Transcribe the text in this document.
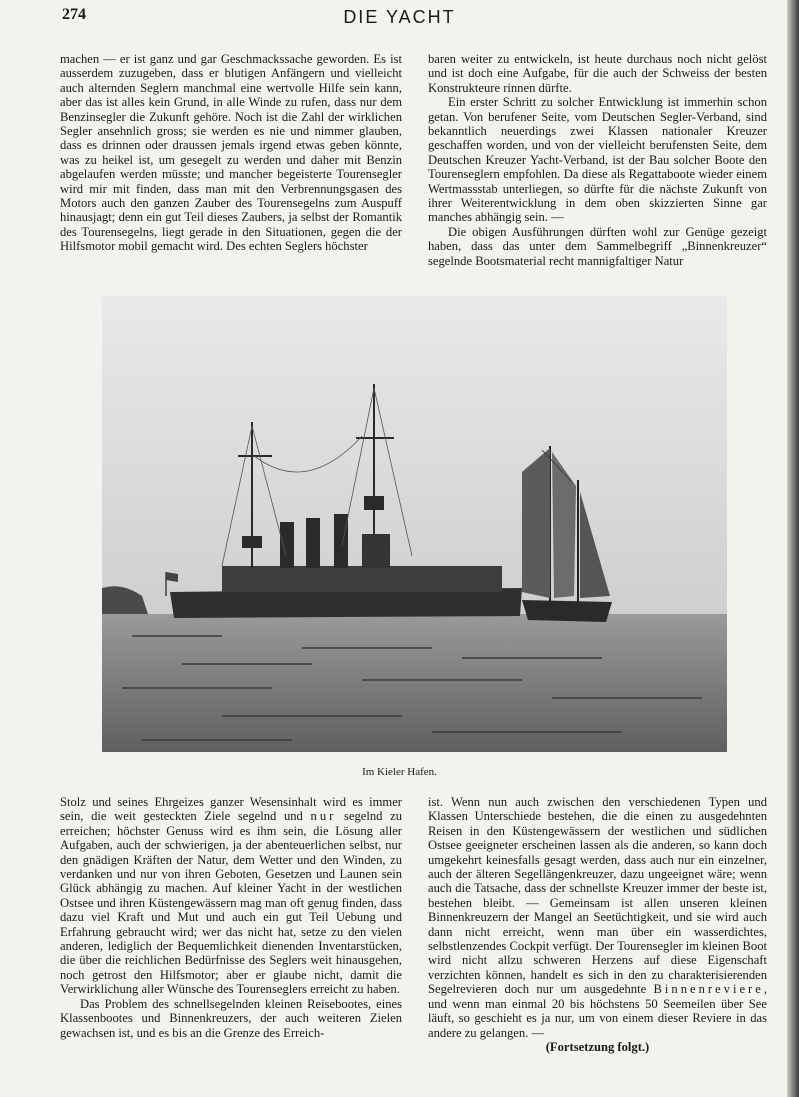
274	DIE YACHT

machen — er ist ganz und gar Geschmackssache geworden. Es ist ausserdem zuzugeben, dass er blutigen Anfängern und vielleicht auch alternden Seglern manchmal eine wertvolle Hilfe sein kann, aber das ist alles kein Grund, in alle Winde zu rufen, dass nur dem Benzinsegler die Zukunft gehöre. Noch ist die Zahl der wirklichen Segler ansehnlich gross; sie werden es nie und nimmer glauben, dass es drinnen oder draussen jemals irgend etwas geben könnte, was zu heikel ist, um gesegelt zu werden und daher mit Benzin abgelaufen werden müsste; und mancher begeisterte Tourensegler wird mir mit finden, dass man mit den Verbrennungsgasen des Motors auch den ganzen Zauber des Tourensegelns zum Auspuff hinausjagt; denn ein gut Teil dieses Zaubers, ja selbst der Romantik des Tourensegelns, liegt gerade in den Situationen, gegen die der Hilfsmotor mobil gemacht wird. Des echten Seglers höchster

baren weiter zu entwickeln, ist heute durchaus noch nicht gelöst und ist doch eine Aufgabe, für die auch der Schweiss der besten Konstrukteure rinnen dürfte.

Ein erster Schritt zu solcher Entwicklung ist immerhin schon getan. Von berufener Seite, vom Deutschen Segler-Verband, sind bekanntlich neuerdings zwei Klassen nationaler Kreuzer geschaffen worden, und von der vielleicht berufensten Seite, dem Deutschen Kreuzer Yacht-Verband, ist der Bau solcher Boote den Tourenseglern empfohlen. Da diese als Regattaboote wieder einem Wertmassstab unterliegen, so dürfte für die nächste Zukunft von ihrer Weiterentwicklung in dem oben skizzierten Sinne gar manches abhängig sein. —

Die obigen Ausführungen dürften wohl zur Genüge gezeigt haben, dass das unter dem Sammelbegriff „Binnenkreuzer“ segelnde Bootsmaterial recht mannigfaltiger Natur

Im Kieler Hafen.

Stolz und seines Ehrgeizes ganzer Wesensinhalt wird es immer sein, die weit gesteckten Ziele segelnd und nur segelnd zu erreichen; höchster Genuss wird es ihm sein, die Lösung aller Aufgaben, auch der schwierigen, ja der abenteuerlichen selbst, nur den gnädigen Kräften der Natur, dem Wetter und den Winden, zu verdanken und nur von ihren Geboten, Gesetzen und Launen sein Glück abhängig zu machen. Auf kleiner Yacht in der westlichen Ostsee und ihren Küstengewässern mag man oft genug finden, dass dazu viel Kraft und Mut und auch ein gut Teil Uebung und Erfahrung gebraucht wird; wer das nicht hat, setze zu den vielen anderen, lediglich der Bequemlichkeit dienenden Inventarstücken, die über die reichlichen Bedürfnisse des Seglers weit hinausgehen, noch getrost den Hilfsmotor; aber er glaube nicht, damit die Verwirklichung aller Wünsche des Tourenseglers erreicht zu haben.

Das Problem des schnellsegelnden kleinen Reisebootes, eines Klassenbootes und Binnenkreuzers, der auch weiteren Zielen gewachsen ist, und es bis an die Grenze des Erreich-

ist. Wenn nun auch zwischen den verschiedenen Typen und Klassen Unterschiede bestehen, die die einen zu ausgedehnten Reisen in den Küstengewässern der westlichen und südlichen Ostsee geeigneter erscheinen lassen als die anderen, so kann doch umgekehrt keinesfalls gesagt werden, dass auch nur ein einzelner, auch der älteren Segellängenkreuzer, dazu ungeeignet wäre; wenn auch die Tatsache, dass der schnellste Kreuzer immer der beste ist, bestehen bleibt. — Gemeinsam ist allen unseren kleinen Binnenkreuzern der Mangel an Seetüchtigkeit, und sie wird auch dann nicht erreicht, wenn man über ein wasserdichtes, selbstlenzendes Cockpit verfügt. Der Tourensegler im kleinen Boot wird nicht allzu schweren Herzens auf diese Eigenschaft verzichten können, handelt es sich in den zu charakterisierenden Segelrevieren doch nur um ausgedehnte Binnenreviere, und wenn man einmal 20 bis höchstens 50 Seemeilen über See läuft, so geschieht es ja nur, um von einem dieser Reviere in das andere zu gelangen. —

(Fortsetzung folgt.)
